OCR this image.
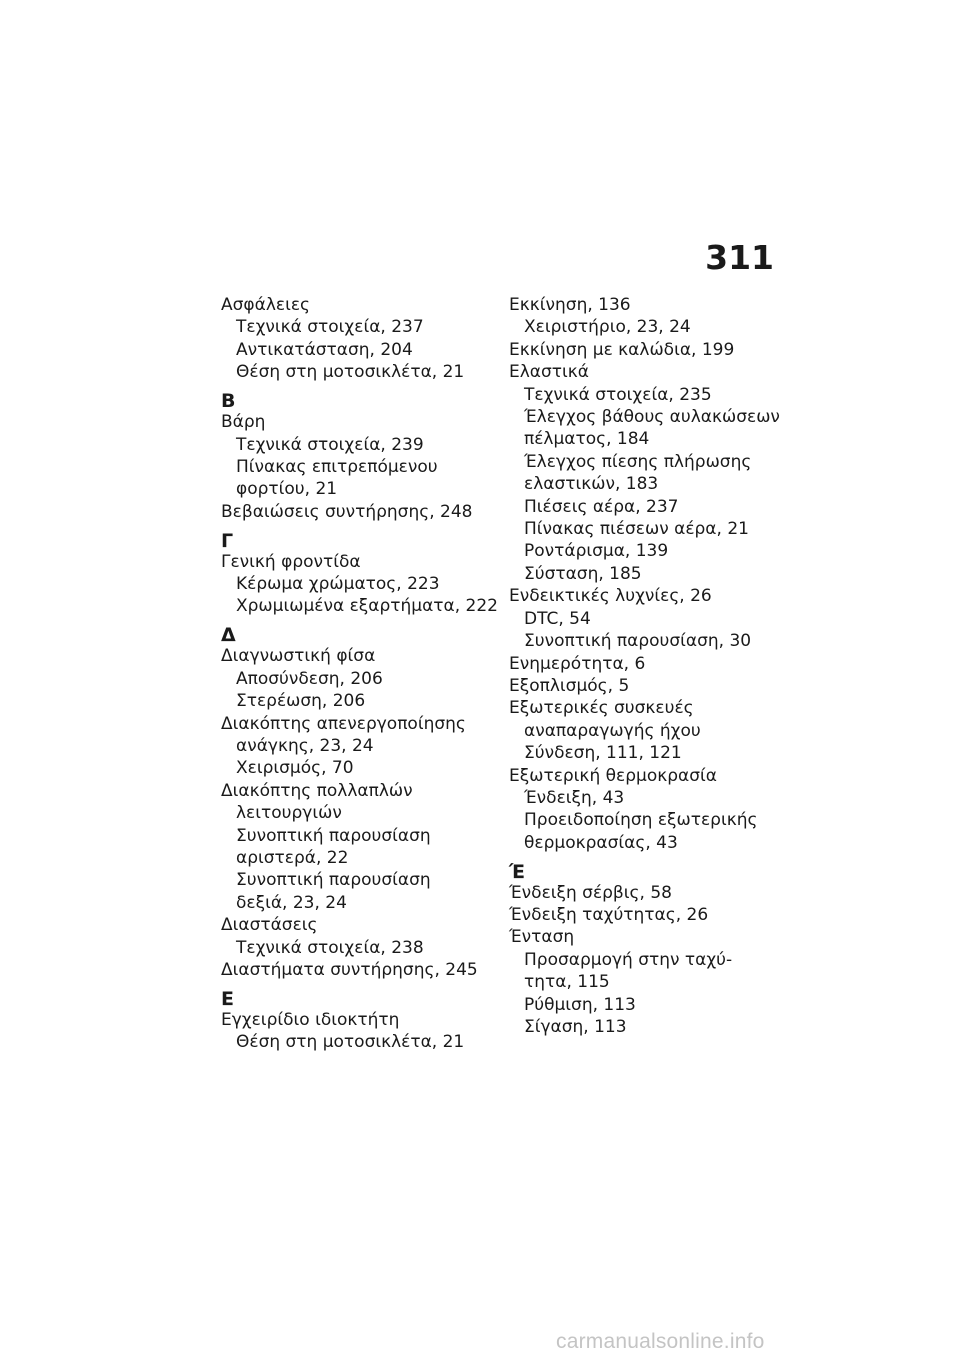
311
Ασφάλειες
Τεχνικά στοιχεία, 237
Αντικατάσταση, 204
Θέση στη μοτοσικλέτα, 21
Β
Βάρη
Τεχνικά στοιχεία, 239
Πίνακας επιτρεπόμενου
φορτίου, 21
Βεβαιώσεις συντήρησης, 248
Γ
Γενική φροντίδα
Κέρωμα χρώματος, 223
Χρωμιωμένα εξαρτήματα, 222
Δ
Διαγνωστική φίσα
Αποσύνδεση, 206
Στερέωση, 206
Διακόπτης απενεργοποίησης
ανάγκης, 23, 24
Χειρισμός, 70
Διακόπτης πολλαπλών
λειτουργιών
Συνοπτική παρουσίαση
αριστερά, 22
Συνοπτική παρουσίαση
δεξιά, 23, 24
Διαστάσεις
Τεχνικά στοιχεία, 238
Διαστήματα συντήρησης, 245
Ε
Εγχειρίδιο ιδιοκτήτη
Θέση στη μοτοσικλέτα, 21
Εκκίνηση, 136
Χειριστήριο, 23, 24
Εκκίνηση με καλώδια, 199
Ελαστικά
Τεχνικά στοιχεία, 235
Έλεγχος βάθους αυλακώσεων
πέλματος, 184
Έλεγχος πίεσης πλήρωσης
ελαστικών, 183
Πιέσεις αέρα, 237
Πίνακας πιέσεων αέρα, 21
Ροντάρισμα, 139
Σύσταση, 185
Ενδεικτικές λυχνίες, 26
DTC, 54
Συνοπτική παρουσίαση, 30
Ενημερότητα, 6
Εξοπλισμός, 5
Εξωτερικές συσκευές
αναπαραγωγής ήχου
Σύνδεση, 111, 121
Εξωτερική θερμοκρασία
Ένδειξη, 43
Προειδοποίηση εξωτερικής
θερμοκρασίας, 43
Έ
Ένδειξη σέρβις, 58
Ένδειξη ταχύτητας, 26
Ένταση
Προσαρμογή στην ταχύ-
τητα, 115
Ρύθμιση, 113
Σίγαση, 113
carmanualsonline.info
